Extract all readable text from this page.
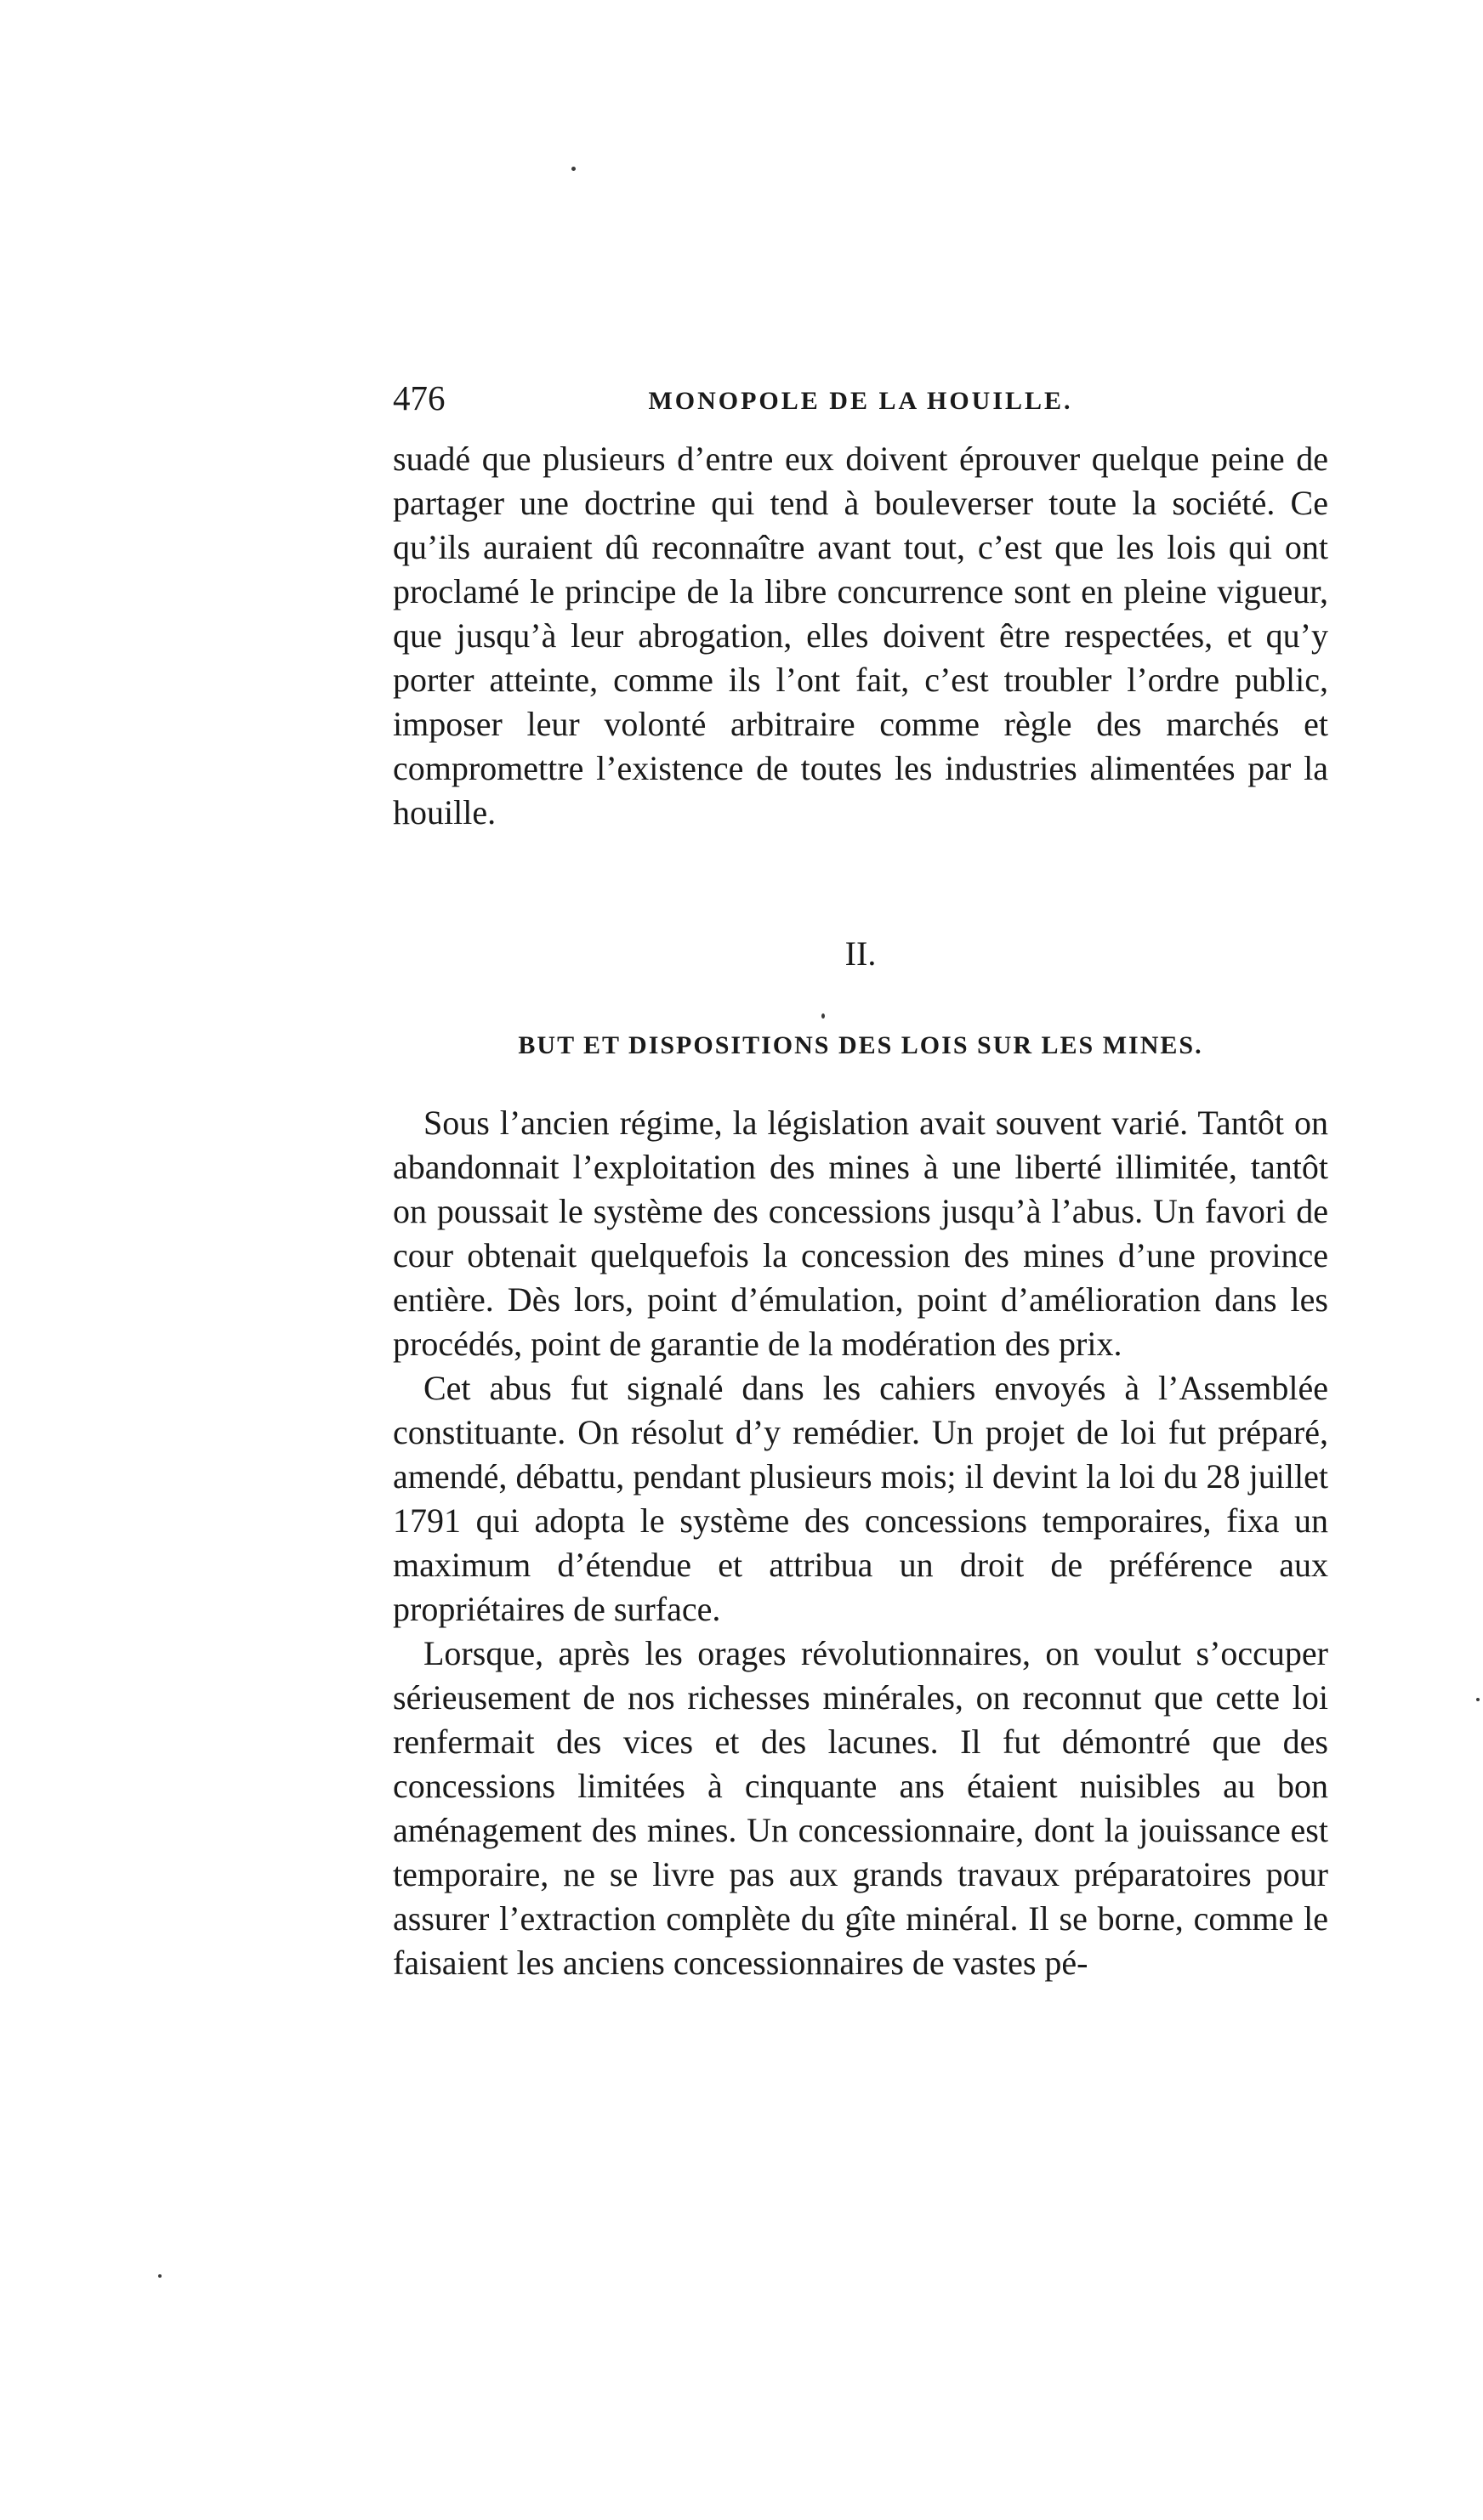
476	MONOPOLE DE LA HOUILLE.

suadé que plusieurs d’entre eux doivent éprouver quelque peine de partager une doctrine qui tend à bouleverser toute la société. Ce qu’ils auraient dû reconnaître avant tout, c’est que les lois qui ont proclamé le principe de la libre concurrence sont en pleine vigueur, que jusqu’à leur abrogation, elles doivent être respectées, et qu’y porter atteinte, comme ils l’ont fait, c’est troubler l’ordre public, imposer leur volonté arbitraire comme règle des marchés et compromettre l’existence de toutes les industries alimentées par la houille.

II.
BUT ET DISPOSITIONS DES LOIS SUR LES MINES.

Sous l’ancien régime, la législation avait souvent varié. Tantôt on abandonnait l’exploitation des mines à une liberté illimitée, tantôt on poussait le système des concessions jusqu’à l’abus. Un favori de cour obtenait quelquefois la concession des mines d’une province entière. Dès lors, point d’émulation, point d’amélioration dans les procédés, point de garantie de la modération des prix.

Cet abus fut signalé dans les cahiers envoyés à l’Assemblée constituante. On résolut d’y remédier. Un projet de loi fut préparé, amendé, débattu, pendant plusieurs mois; il devint la loi du 28 juillet 1791 qui adopta le système des concessions temporaires, fixa un maximum d’étendue et attribua un droit de préférence aux propriétaires de surface.

Lorsque, après les orages révolutionnaires, on voulut s’occuper sérieusement de nos richesses minérales, on reconnut que cette loi renfermait des vices et des lacunes. Il fut démontré que des concessions limitées à cinquante ans étaient nuisibles au bon aménagement des mines. Un concessionnaire, dont la jouissance est temporaire, ne se livre pas aux grands travaux préparatoires pour assurer l’extraction complète du gîte minéral. Il se borne, comme le faisaient les anciens concessionnaires de vastes pé-
